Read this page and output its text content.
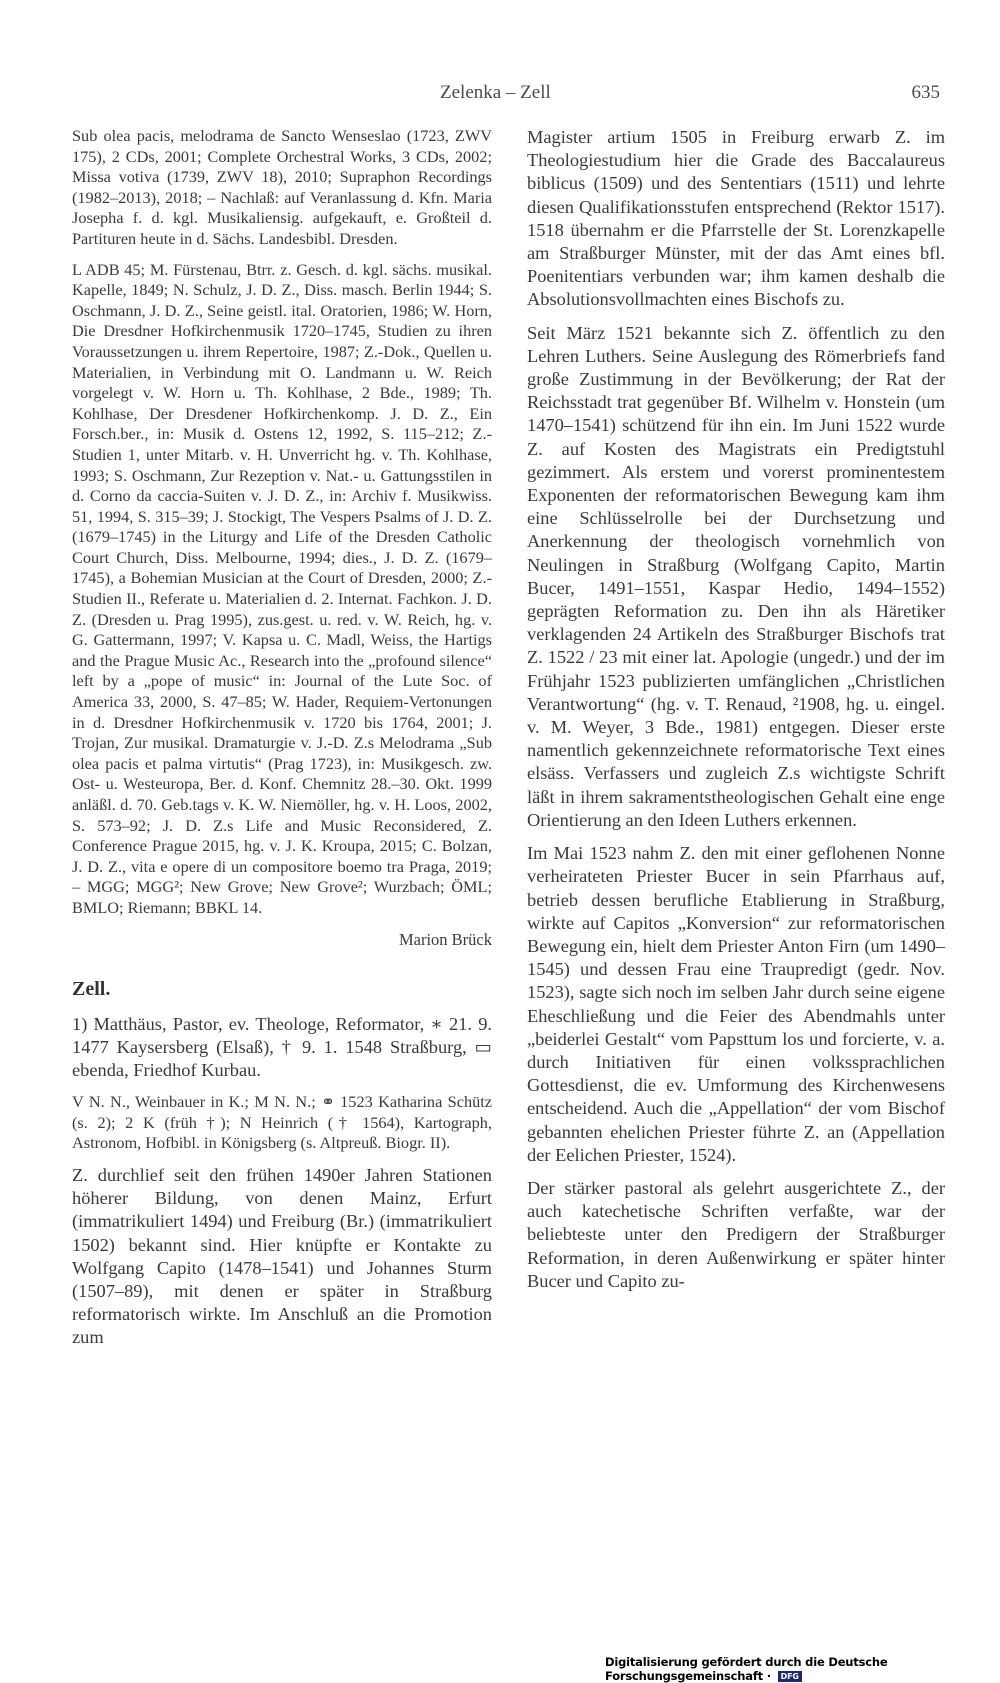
Zelenka – Zell	635

Sub olea pacis, melodrama de Sancto Wenseslao (1723, ZWV 175), 2 CDs, 2001; Complete Orchestral Works, 3 CDs, 2002; Missa votiva (1739, ZWV 18), 2010; Supraphon Recordings (1982–2013), 2018; – Nachlaß: auf Veranlassung d. Kfn. Maria Josepha f. d. kgl. Musikaliensig. aufgekauft, e. Großteil d. Partituren heute in d. Sächs. Landesbibl. Dresden.

L ADB 45; M. Fürstenau, Btrr. z. Gesch. d. kgl. sächs. musikal. Kapelle, 1849; N. Schulz, J. D. Z., Diss. masch. Berlin 1944; S. Oschmann, J. D. Z., Seine geistl. ital. Oratorien, 1986; W. Horn, Die Dresdner Hofkirchenmusik 1720–1745, Studien zu ihren Voraussetzungen u. ihrem Repertoire, 1987; Z.-Dok., Quellen u. Materialien, in Verbindung mit O. Landmann u. W. Reich vorgelegt v. W. Horn u. Th. Kohlhase, 2 Bde., 1989; Th. Kohlhase, Der Dresdener Hofkirchenkomp. J. D. Z., Ein Forsch.ber., in: Musik d. Ostens 12, 1992, S. 115–212; Z.-Studien 1, unter Mitarb. v. H. Unverricht hg. v. Th. Kohlhase, 1993; S. Oschmann, Zur Rezeption v. Nat.- u. Gattungsstilen in d. Corno da caccia-Suiten v. J. D. Z., in: Archiv f. Musikwiss. 51, 1994, S. 315–39; J. Stockigt, The Vespers Psalms of J. D. Z. (1679–1745) in the Liturgy and Life of the Dresden Catholic Court Church, Diss. Melbourne, 1994; dies., J. D. Z. (1679–1745), a Bohemian Musician at the Court of Dresden, 2000; Z.-Studien II., Referate u. Materialien d. 2. Internat. Fachkon. J. D. Z. (Dresden u. Prag 1995), zus.gest. u. red. v. W. Reich, hg. v. G. Gattermann, 1997; V. Kapsa u. C. Madl, Weiss, the Hartigs and the Prague Music Ac., Research into the „profound silence“ left by a „pope of music“ in: Journal of the Lute Soc. of America 33, 2000, S. 47–85; W. Hader, Requiem-Vertonungen in d. Dresdner Hofkirchenmusik v. 1720 bis 1764, 2001; J. Trojan, Zur musikal. Dramaturgie v. J.-D. Z.s Melodrama „Sub olea pacis et palma virtutis“ (Prag 1723), in: Musikgesch. zw. Ost- u. Westeuropa, Ber. d. Konf. Chemnitz 28.–30. Okt. 1999 anläßl. d. 70. Geb.tags v. K. W. Niemöller, hg. v. H. Loos, 2002, S. 573–92; J. D. Z.s Life and Music Reconsidered, Z. Conference Prague 2015, hg. v. J. K. Kroupa, 2015; C. Bolzan, J. D. Z., vita e opere di un compositore boemo tra Praga, 2019; – MGG; MGG²; New Grove; New Grove²; Wurzbach; ÖML; BMLO; Riemann; BBKL 14.

Marion Brück

Zell.

1) Matthäus, Pastor, ev. Theologe, Reformator, ∗ 21. 9. 1477 Kaysersberg (Elsaß), † 9. 1. 1548 Straßburg, ▭ ebenda, Friedhof Kurbau.

V N. N., Weinbauer in K.; M N. N.; ⚭ 1523 Katharina Schütz (s. 2); 2 K (früh †); N Heinrich († 1564), Kartograph, Astronom, Hofbibl. in Königsberg (s. Altpreuß. Biogr. II).

Z. durchlief seit den frühen 1490er Jahren Stationen höherer Bildung, von denen Mainz, Erfurt (immatrikuliert 1494) und Freiburg (Br.) (immatrikuliert 1502) bekannt sind. Hier knüpfte er Kontakte zu Wolfgang Capito (1478–1541) und Johannes Sturm (1507–89), mit denen er später in Straßburg reformatorisch wirkte. Im Anschluß an die Promotion zum

Magister artium 1505 in Freiburg erwarb Z. im Theologiestudium hier die Grade des Baccalaureus biblicus (1509) und des Sententiars (1511) und lehrte diesen Qualifikationsstufen entsprechend (Rektor 1517). 1518 übernahm er die Pfarrstelle der St. Lorenzkapelle am Straßburger Münster, mit der das Amt eines bfl. Poenitentiars verbunden war; ihm kamen deshalb die Absolutionsvollmachten eines Bischofs zu.

Seit März 1521 bekannte sich Z. öffentlich zu den Lehren Luthers. Seine Auslegung des Römerbriefs fand große Zustimmung in der Bevölkerung; der Rat der Reichsstadt trat gegenüber Bf. Wilhelm v. Honstein (um 1470–1541) schützend für ihn ein. Im Juni 1522 wurde Z. auf Kosten des Magistrats ein Predigtstuhl gezimmert. Als erstem und vorerst prominentestem Exponenten der reformatorischen Bewegung kam ihm eine Schlüsselrolle bei der Durchsetzung und Anerkennung der theologisch vornehmlich von Neulingen in Straßburg (Wolfgang Capito, Martin Bucer, 1491–1551, Kaspar Hedio, 1494–1552) geprägten Reformation zu. Den ihn als Häretiker verklagenden 24 Artikeln des Straßburger Bischofs trat Z. 1522 / 23 mit einer lat. Apologie (ungedr.) und der im Frühjahr 1523 publizierten umfänglichen „Christlichen Verantwortung“ (hg. v. T. Renaud, ²1908, hg. u. eingel. v. M. Weyer, 3 Bde., 1981) entgegen. Dieser erste namentlich gekennzeichnete reformatorische Text eines elsäss. Verfassers und zugleich Z.s wichtigste Schrift läßt in ihrem sakramentstheologischen Gehalt eine enge Orientierung an den Ideen Luthers erkennen.

Im Mai 1523 nahm Z. den mit einer geflohenen Nonne verheirateten Priester Bucer in sein Pfarrhaus auf, betrieb dessen berufliche Etablierung in Straßburg, wirkte auf Capitos „Konversion“ zur reformatorischen Bewegung ein, hielt dem Priester Anton Firn (um 1490–1545) und dessen Frau eine Traupredigt (gedr. Nov. 1523), sagte sich noch im selben Jahr durch seine eigene Eheschließung und die Feier des Abendmahls unter „beiderlei Gestalt“ vom Papsttum los und forcierte, v. a. durch Initiativen für einen volkssprachlichen Gottesdienst, die ev. Umformung des Kirchenwesens entscheidend. Auch die „Appellation“ der vom Bischof gebannten ehelichen Priester führte Z. an (Appellation der Eelichen Priester, 1524).

Der stärker pastoral als gelehrt ausgerichtete Z., der auch katechetische Schriften verfaßte, war der beliebteste unter den Predigern der Straßburger Reformation, in deren Außenwirkung er später hinter Bucer und Capito zu-

Digitalisierung gefördert durch die Deutsche Forschungsgemeinschaft · DFG
